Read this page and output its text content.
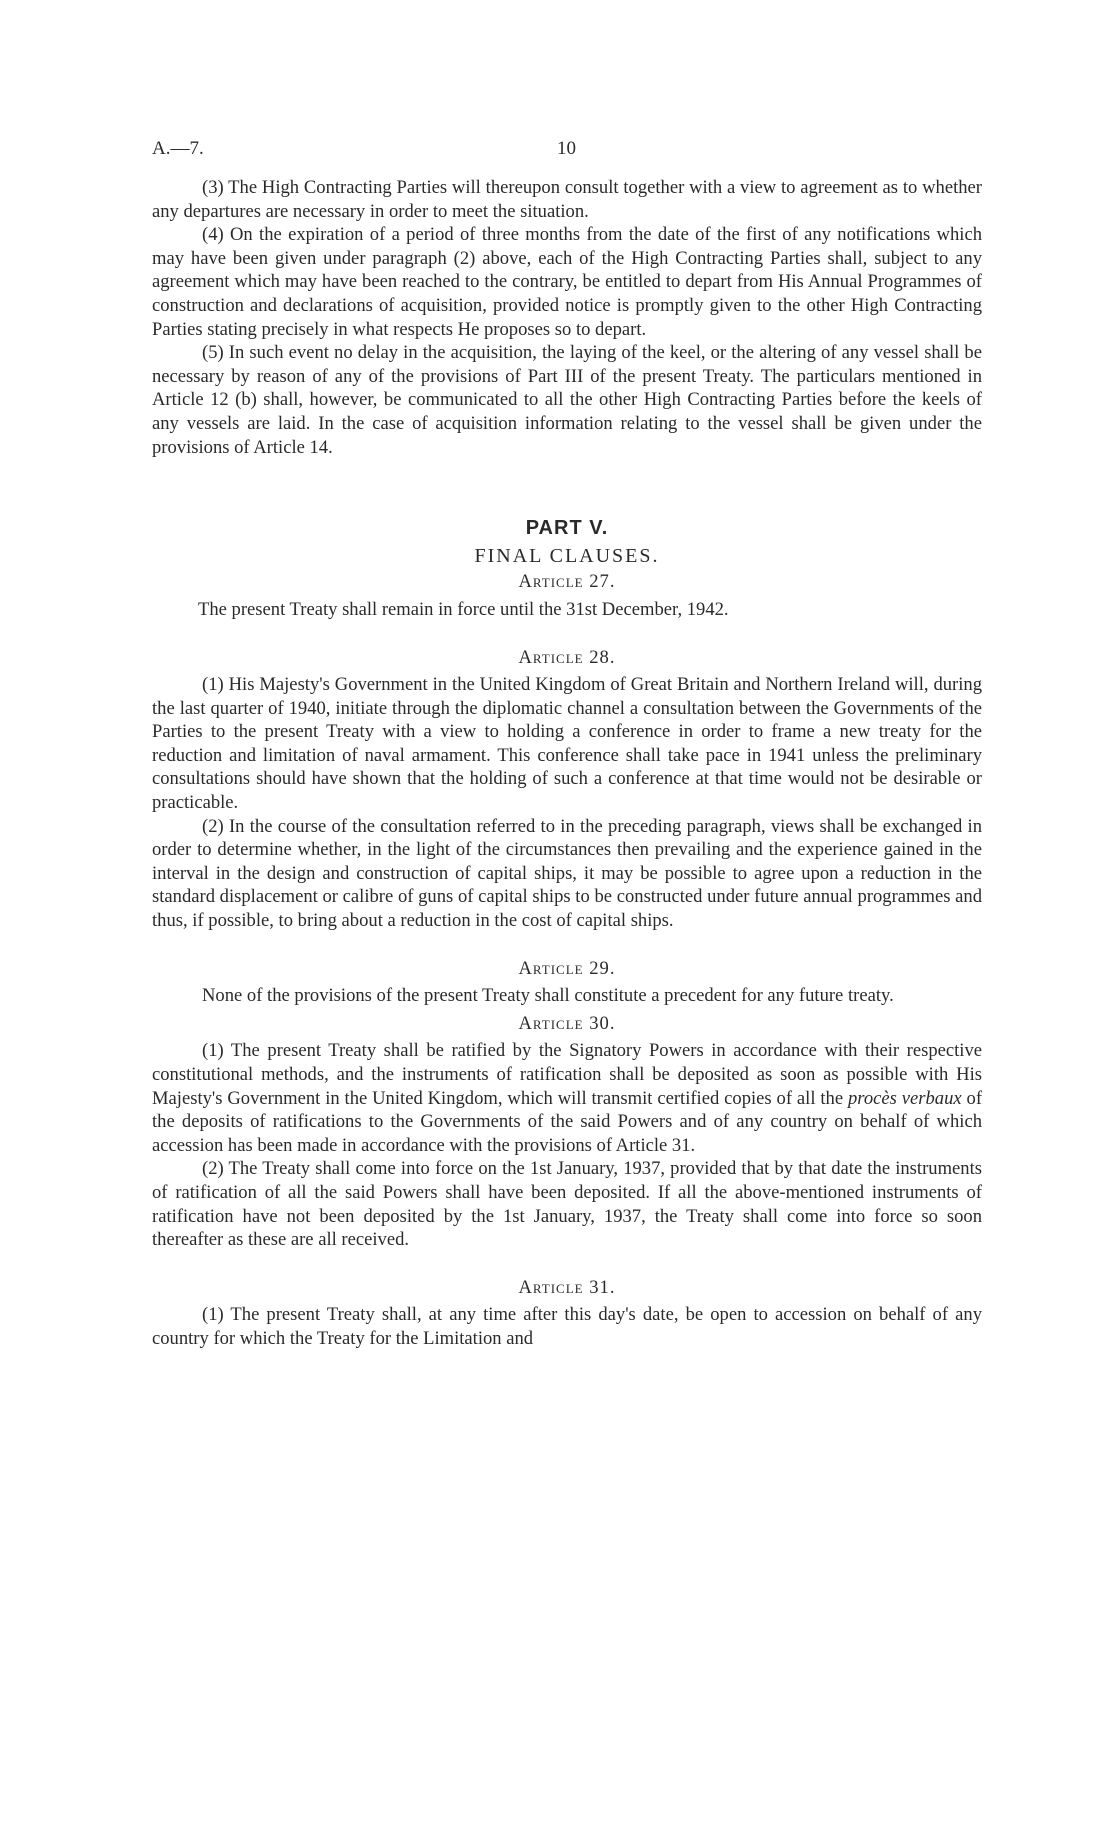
A.—7.	10

(3) The High Contracting Parties will thereupon consult together with a view to agreement as to whether any departures are necessary in order to meet the situation.

(4) On the expiration of a period of three months from the date of the first of any notifications which may have been given under paragraph (2) above, each of the High Contracting Parties shall, subject to any agreement which may have been reached to the contrary, be entitled to depart from His Annual Programmes of construction and declarations of acquisition, provided notice is promptly given to the other High Contracting Parties stating precisely in what respects He proposes so to depart.

(5) In such event no delay in the acquisition, the laying of the keel, or the altering of any vessel shall be necessary by reason of any of the provisions of Part III of the present Treaty. The particulars mentioned in Article 12 (b) shall, however, be communicated to all the other High Contracting Parties before the keels of any vessels are laid. In the case of acquisition information relating to the vessel shall be given under the provisions of Article 14.

PART V.
FINAL CLAUSES.
Article 27.

The present Treaty shall remain in force until the 31st December, 1942.

Article 28.

(1) His Majesty's Government in the United Kingdom of Great Britain and Northern Ireland will, during the last quarter of 1940, initiate through the diplomatic channel a consultation between the Governments of the Parties to the present Treaty with a view to holding a conference in order to frame a new treaty for the reduction and limitation of naval armament. This conference shall take pace in 1941 unless the preliminary consultations should have shown that the holding of such a conference at that time would not be desirable or practicable.

(2) In the course of the consultation referred to in the preceding paragraph, views shall be exchanged in order to determine whether, in the light of the circumstances then prevailing and the experience gained in the interval in the design and construction of capital ships, it may be possible to agree upon a reduction in the standard displacement or calibre of guns of capital ships to be constructed under future annual programmes and thus, if possible, to bring about a reduction in the cost of capital ships.

Article 29.

None of the provisions of the present Treaty shall constitute a precedent for any future treaty.

Article 30.

(1) The present Treaty shall be ratified by the Signatory Powers in accordance with their respective constitutional methods, and the instruments of ratification shall be deposited as soon as possible with His Majesty's Government in the United Kingdom, which will transmit certified copies of all the procès verbaux of the deposits of ratifications to the Governments of the said Powers and of any country on behalf of which accession has been made in accordance with the provisions of Article 31.

(2) The Treaty shall come into force on the 1st January, 1937, provided that by that date the instruments of ratification of all the said Powers shall have been deposited. If all the above-mentioned instruments of ratification have not been deposited by the 1st January, 1937, the Treaty shall come into force so soon thereafter as these are all received.

Article 31.

(1) The present Treaty shall, at any time after this day's date, be open to accession on behalf of any country for which the Treaty for the Limitation and
